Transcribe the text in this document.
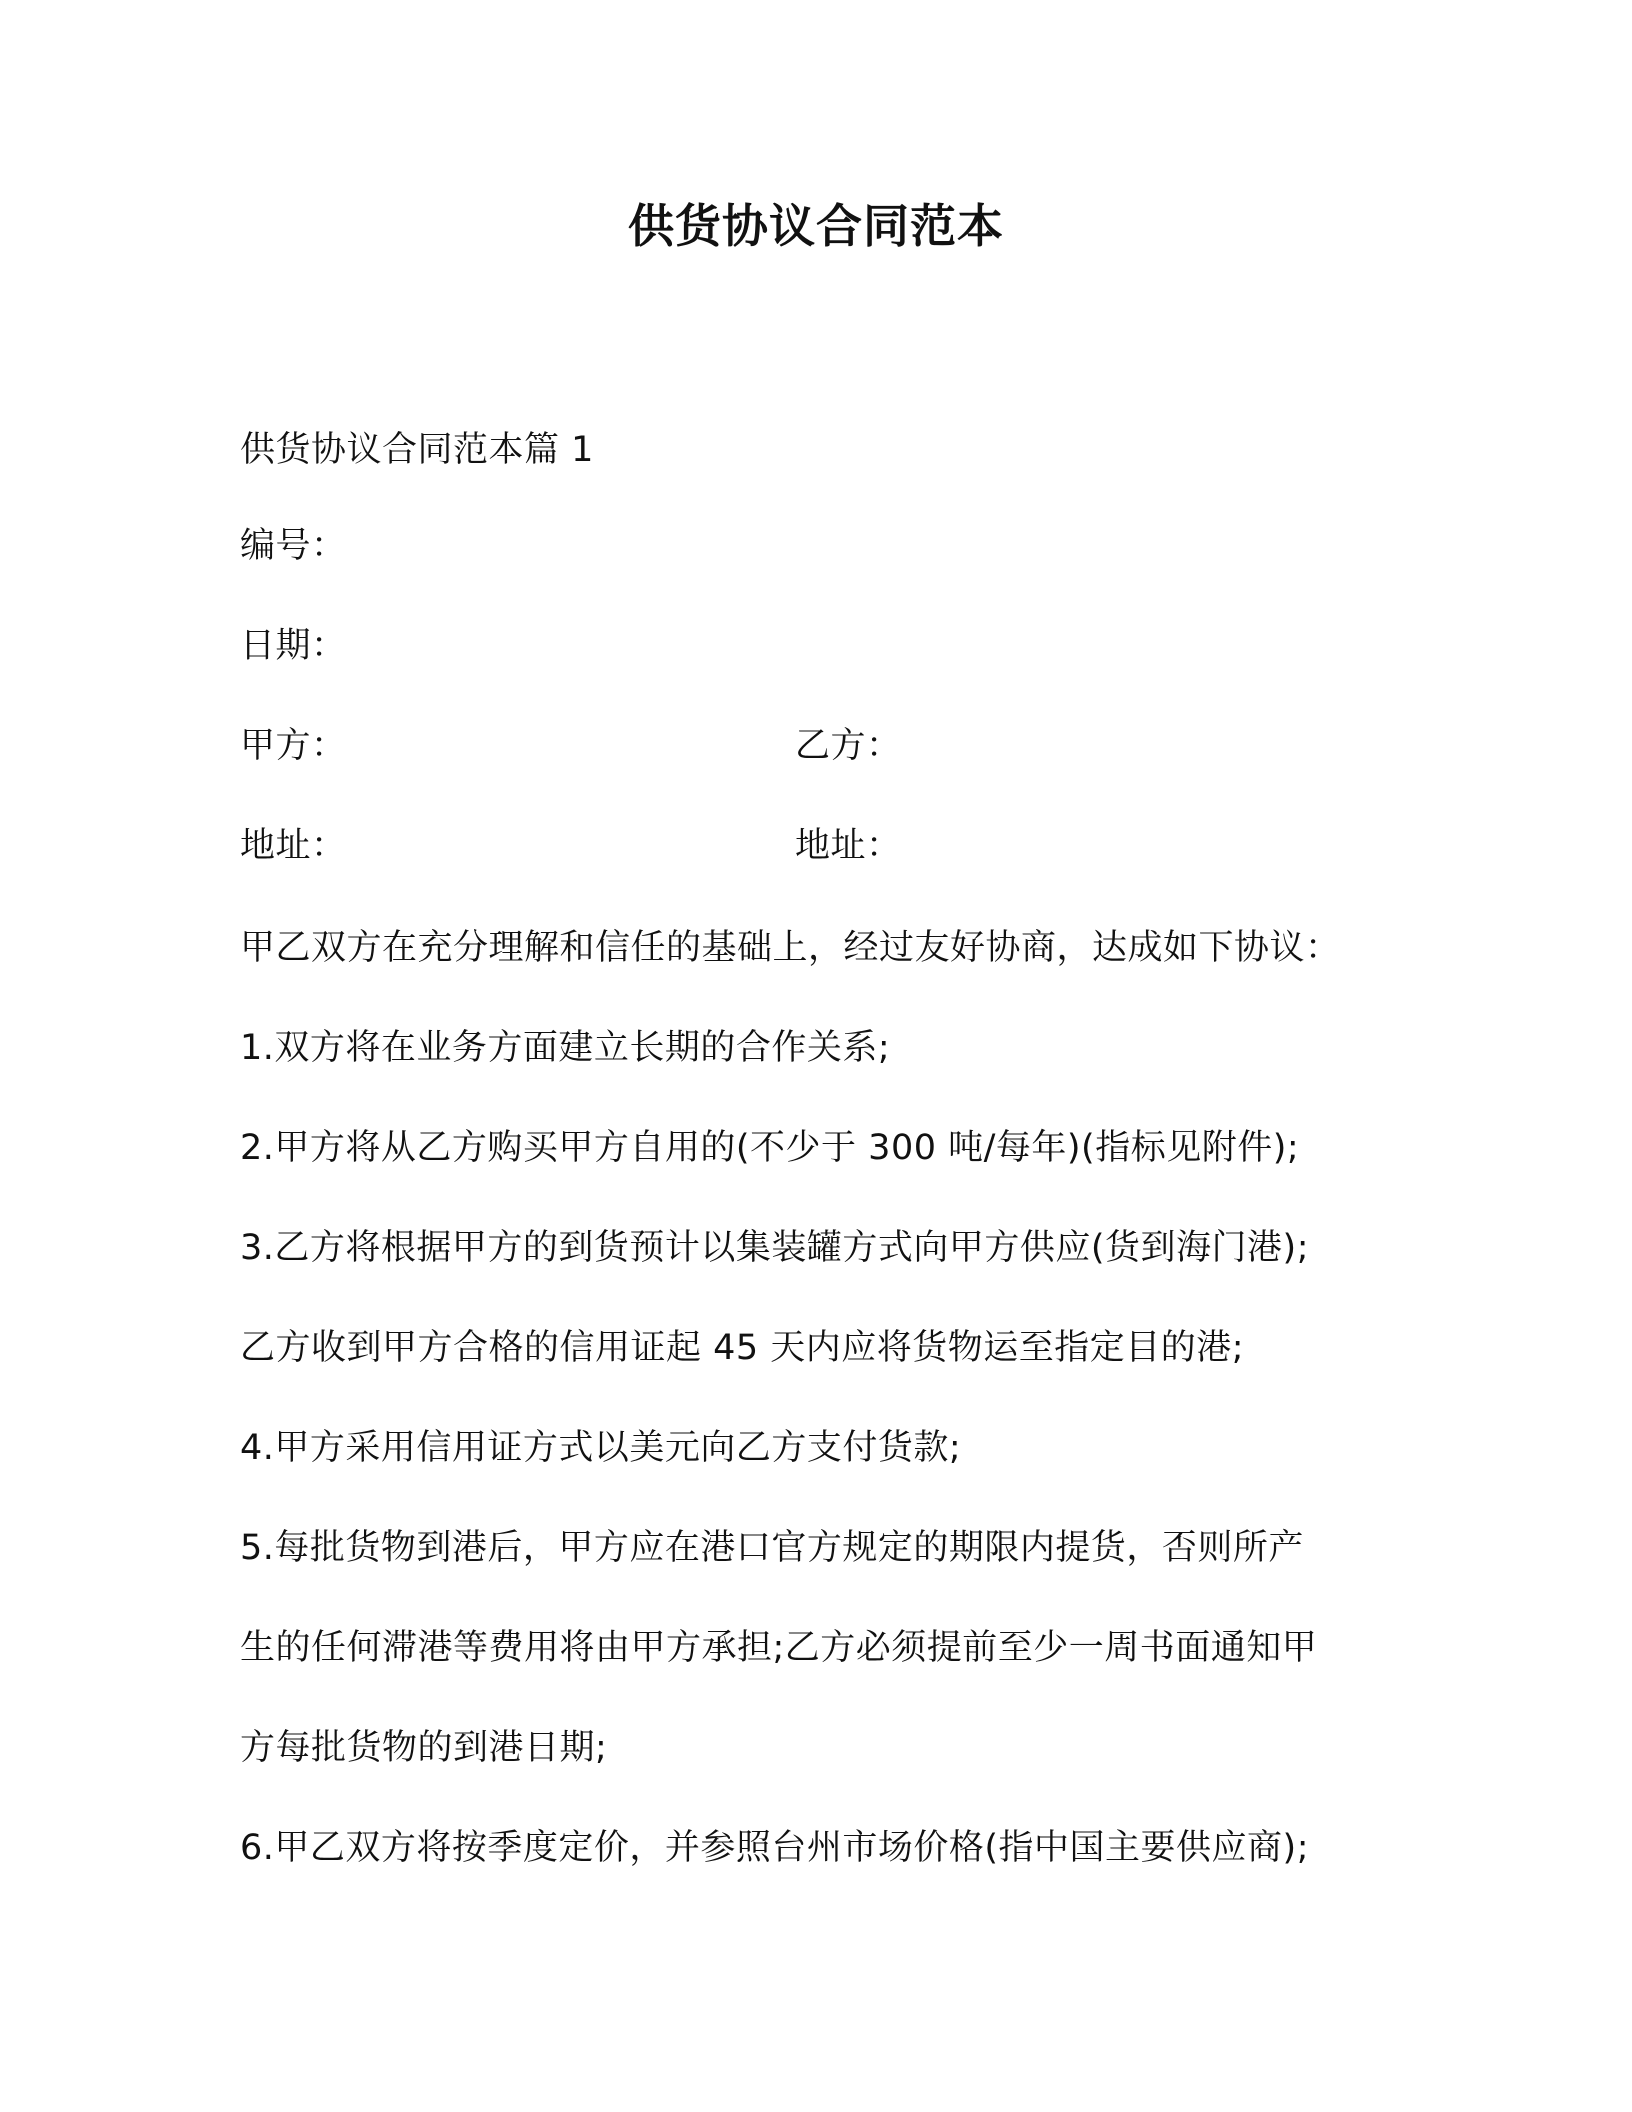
供货协议合同范本
供货协议合同范本篇 1
编号：
日期：
甲方：	乙方：
地址：	地址：
甲乙双方在充分理解和信任的基础上，经过友好协商，达成如下协议：
1.双方将在业务方面建立长期的合作关系;
2.甲方将从乙方购买甲方自用的(不少于 300 吨/每年)(指标见附件);
3.乙方将根据甲方的到货预计以集装罐方式向甲方供应(货到海门港);
乙方收到甲方合格的信用证起 45 天内应将货物运至指定目的港;
4.甲方采用信用证方式以美元向乙方支付货款;
5.每批货物到港后，甲方应在港口官方规定的期限内提货，否则所产
生的任何滞港等费用将由甲方承担;乙方必须提前至少一周书面通知甲
方每批货物的到港日期;
6.甲乙双方将按季度定价，并参照台州市场价格(指中国主要供应商);
